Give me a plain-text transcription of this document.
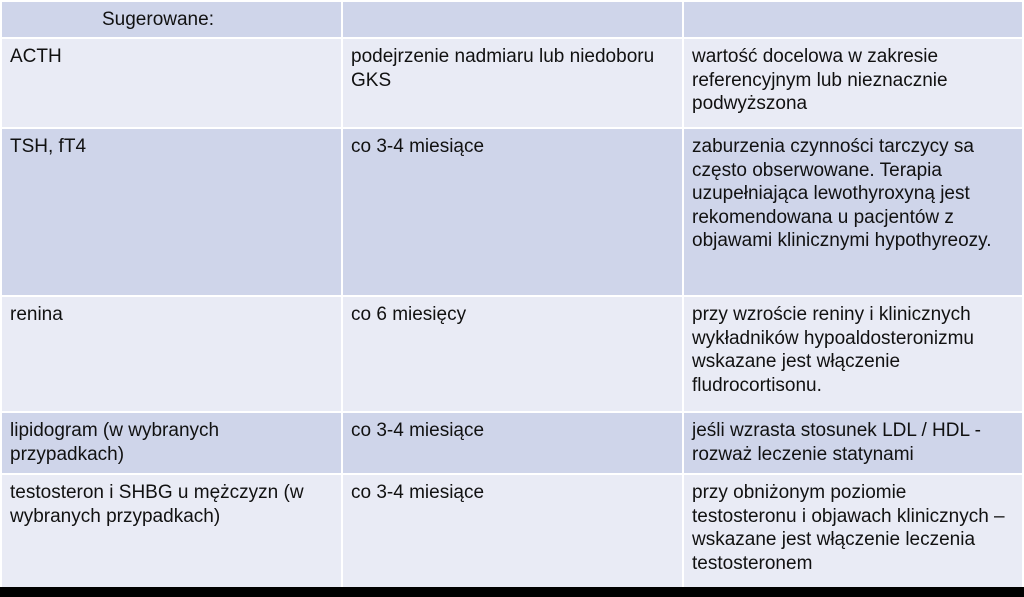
Sugerowane:		
ACTH	podejrzenie nadmiaru lub niedoboru GKS	wartość docelowa w zakresie referencyjnym lub nieznacznie podwyższona
TSH, fT4	co 3-4 miesiące	zaburzenia czynności tarczycy sa często obserwowane. Terapia uzupełniająca lewothyroxyną jest rekomendowana u pacjentów z objawami klinicznymi hypothyreozy.
renina	co 6 miesięcy	przy wzroście reniny i klinicznych wykładników hypoaldosteronizmu wskazane jest włączenie fludrocortisonu.
lipidogram (w wybranych przypadkach)	co 3-4 miesiące	jeśli wzrasta stosunek LDL / HDL - rozważ leczenie statynami
testosteron i SHBG u mężczyzn (w wybranych przypadkach)	co 3-4 miesiące	przy obniżonym poziomie testosteronu i objawach klinicznych – wskazane jest włączenie leczenia testosteronem
